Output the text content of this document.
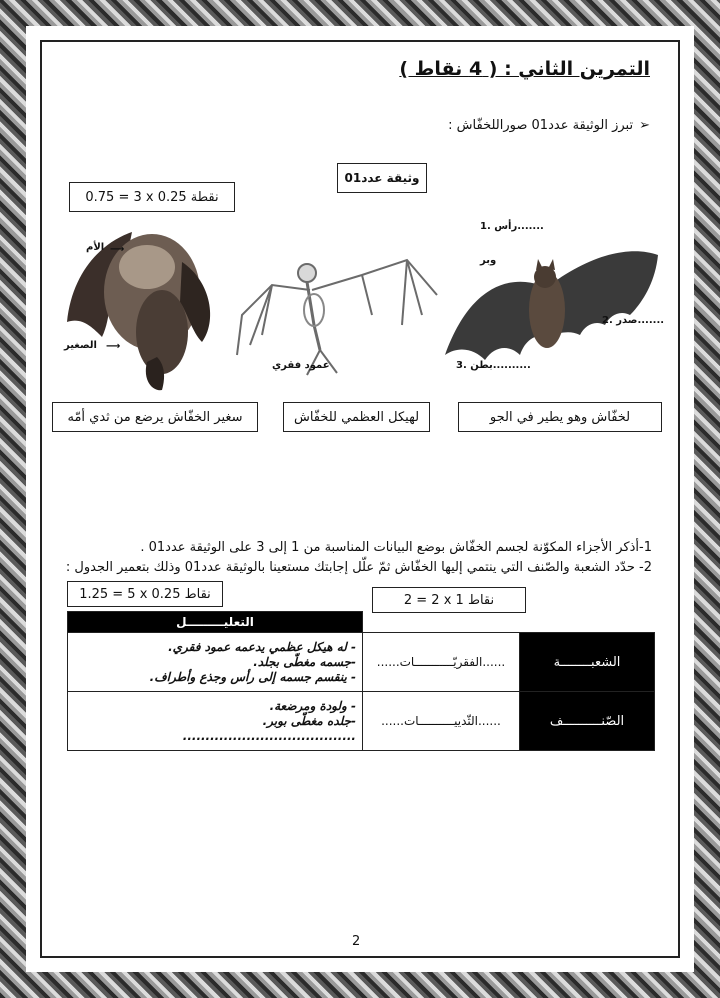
التمرين الثاني : ( 4 نقاط )
➢تبرز الوثيقة عدد01 صوراللخفّاش :
وثيقة عدد01
0.75 = 3 x 0.25 نقطة
الأم ⟶
الصغير ⟶
عمود فقري
1. رأس.......
وبر
2. صدر.......
3. بطن..........
لخفّاش وهو يطير في الجو
لهيكل العظمي للخفّاش
سغير الخفّاش يرضع من ثدي أمّه
1-أذكر الأجزاء المكوّنة لجسم الخفّاش بوضع البيانات المناسبة من 1 إلى 3 على الوثيقة عدد01 .
2- حدّد الشعبة والصّنف التي ينتمي إليها الخفّاش ثمّ علّل إجابتك مستعينا بالوثيقة عدد01 وذلك بتعمير الجدول :
1.25 = 5 x 0.25 نقاط	2 = 2 x 1 نقاط
التعليـــــــــل		

- له هيكل عظمي يدعمه عمود فقري.
-جسمه مغطّى بجلد.
- ينقسم جسمه إلى رأس وجذع وأطراف.	......الفقريّـــــــــــات......	الشعبــــــــة

- ولودة ومرضعة.
-جلده مغطّى بوبر.
......................................	......الثّدييــــــــــات......	الصّنــــــــــف
2
